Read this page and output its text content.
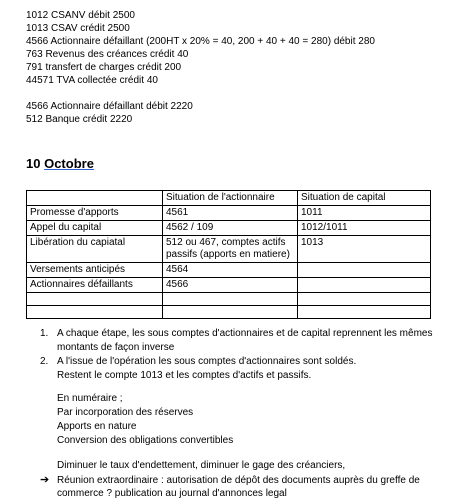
1012 CSANV débit 2500
1013 CSAV crédit 2500
4566 Actionnaire défaillant (200HT x 20% = 40, 200 + 40 + 40 = 280) débit 280
763 Revenus des créances crédit 40
791 transfert de charges crédit 200
44571 TVA collectée crédit 40
4566 Actionnaire défaillant débit 2220
512 Banque crédit 2220
10 Octobre
	Situation de l'actionnaire	Situation de capital
Promesse d'apports	4561	1011
Appel du capital	4562 / 109	1012/1011
Libération du capiatal	512 ou 467, comptes actifs passifs (apports en matiere)	1013
Versements anticipés	4564	
Actionnaires défaillants	4566	

1. A chaque étape, les sous comptes d'actionnaires et de capital reprennent les mêmes montants de façon inverse
2. A l'issue de l'opération les sous comptes d'actionnaires sont soldés.
Restent le compte 1013 et les comptes d'actifs et passifs.
En numéraire ;
Par incorporation des réserves
Apports en nature
Conversion des obligations convertibles
Diminuer le taux d'endettement, diminuer le gage des créanciers,
➔ Réunion extraordinaire : autorisation de dépôt des documents auprès du greffe de commerce ? publication au journal d'annonces legal
